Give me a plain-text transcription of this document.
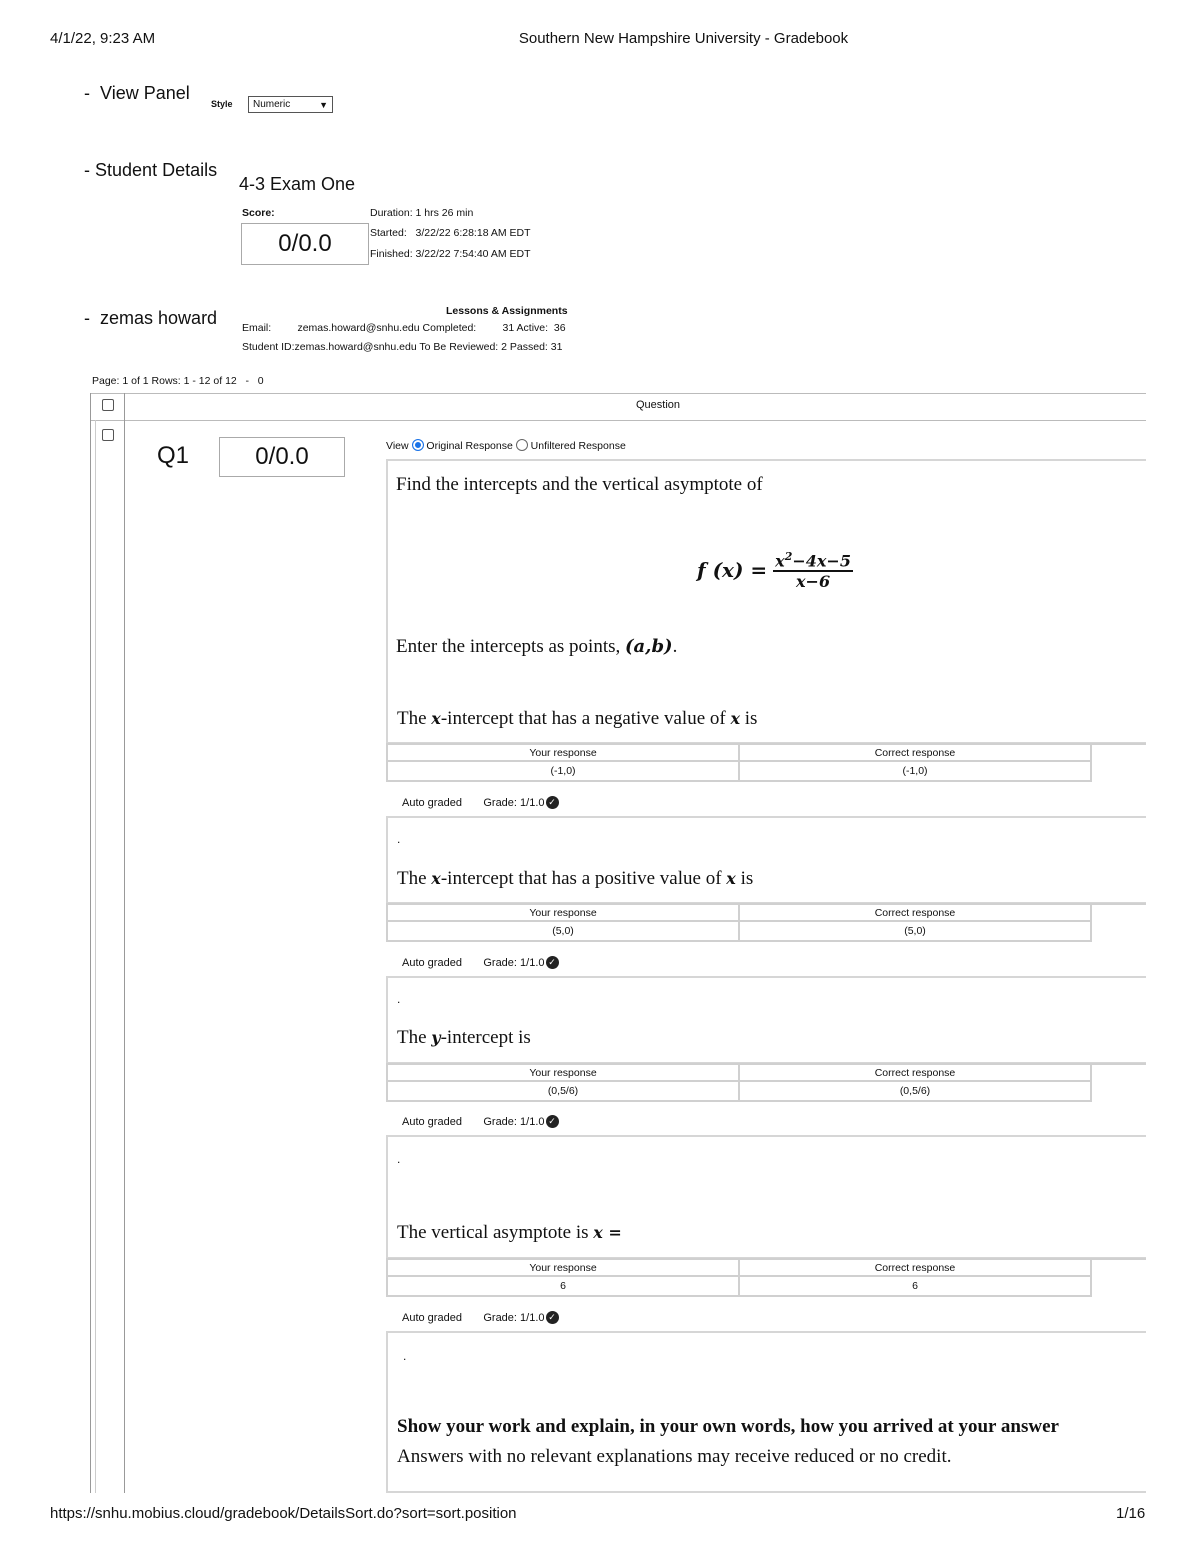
4/1/22, 9:23 AM	Southern New Hampshire University - Gradebook
- View Panel
Style Numeric	▼
- Student Details
4-3 Exam One
Score:
0/0.0
Duration: 1 hrs 26 min
Started: 3/22/22 6:28:18 AM EDT
Finished: 3/22/22 7:54:40 AM EDT
- zemas howard	Lessons & Assignments
Email:	zemas.howard@snhu.edu Completed:	31 Active: 36
Student ID:zemas.howard@snhu.edu To Be Reviewed: 2 Passed: 31
Page: 1 of 1 Rows: 1 - 12 of 12 - 0
Question
Q1	0/0.0	View Original Response Unfiltered Response
Find the intercepts and the vertical asymptote of
f $(x) = \frac{x^2-4x-5}{x-6}$
Enter the intercepts as points, (a,b).
The x-intercept that has a negative value of x is
Your response	Correct response
(-1,0)	(-1,0)
Auto graded
Grade: 1/1.0 ✓
.
The x-intercept that has a positive value of x is
Your response	Correct response
(5,0)	(5,0)
Auto graded
Grade: 1/1.0 ✓
.
The y-intercept is
Your response	Correct response
(0,5/6)	(0,5/6)
Auto graded
Grade: 1/1.0 ✓
.
The vertical asymptote is x =
Your response	Correct response
6	6
Auto graded
Grade: 1/1.0 ✓
.
Show your work and explain, in your own words, how you arrived at your answer
Answers with no relevant explanations may receive reduced or no credit.
https://snhu.mobius.cloud/gradebook/DetailsSort.do?sort=sort.position	1/16
